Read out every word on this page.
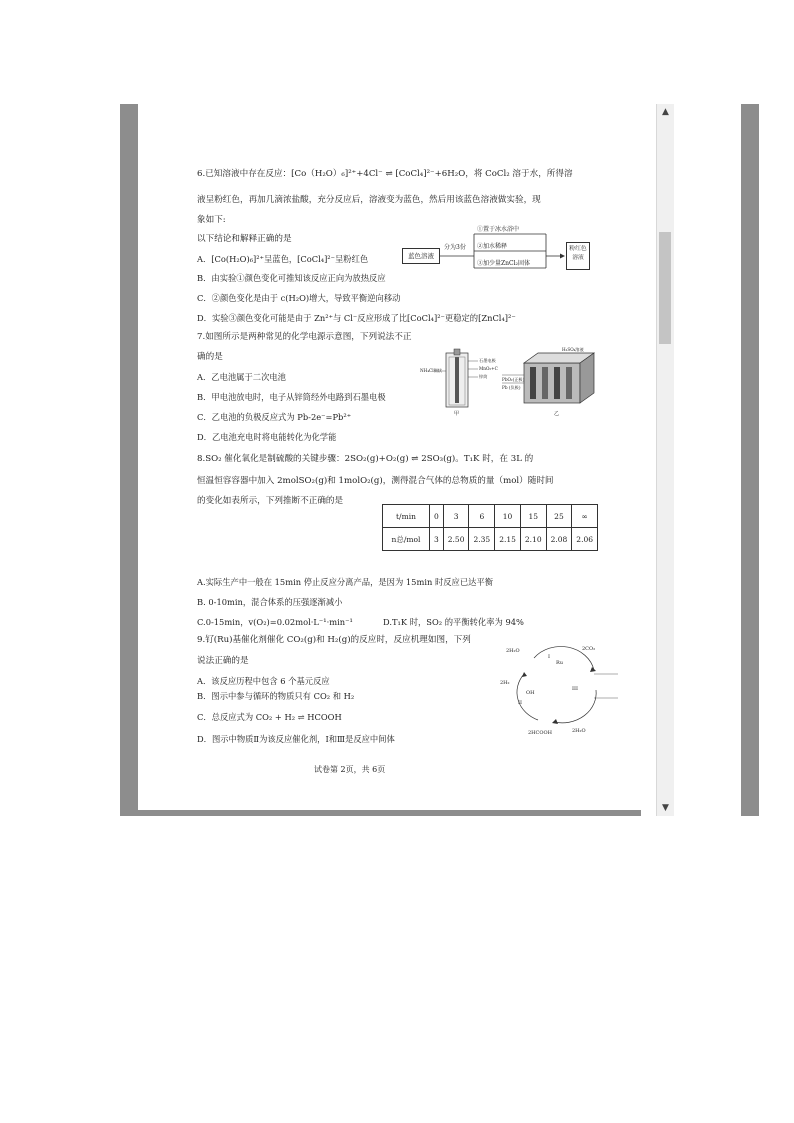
6.已知溶液中存在反应：[Co（H₂O）₆]²⁺+4Cl⁻ ⇌ [CoCl₄]²⁻+6H₂O，将 CoCl₂ 溶于水，所得溶
液呈粉红色，再加几滴浓盐酸，充分反应后，溶液变为蓝色，然后用该蓝色溶液做实验，现
象如下:
以下结论和解释正确的是
A．[Co(H₂O)₆]²⁺呈蓝色，[CoCl₄]²⁻呈粉红色
B．由实验①颜色变化可推知该反应正向为放热反应
C．②颜色变化是由于 c(H₂O)增大，导致平衡逆向移动
D．实验③颜色变化可能是由于 Zn²⁺与 Cl⁻反应形成了比[CoCl₄]²⁻更稳定的[ZnCl₄]²⁻
蓝色溶液
分为3份
①置于冰水浴中
②加水稀释
③加少量ZnCl₂固体
粉红色溶液
7.如图所示是两种常见的化学电源示意图，下列说法不正
确的是
A．乙电池属于二次电池
B．甲电池放电时，电子从锌筒经外电路到石墨电极
C．乙电池的负极反应式为 Pb-2e⁻=Pb²⁺
D．乙电池充电时将电能转化为化学能
NH₄Cl糊状
石墨电极
MnO₂+C
锌筒
H₂SO₄溶液
PbO₂(正极)
Pb (负极)
甲	乙
8.SO₂ 催化氧化是制硫酸的关键步骤：2SO₂(g)+O₂(g) ⇌ 2SO₃(g)。T₁K 时，在 3L 的
恒温恒容容器中加入 2molSO₂(g)和 1molO₂(g)，测得混合气体的总物质的量（mol）随时间
的变化如表所示，下列推断不正确的是
t/min	0	3	6	10	15	25	∞
n总/mol	3	2.50	2.35	2.15	2.10	2.08	2.06
A.实际生产中一般在 15min 停止反应分离产品，是因为 15min 时反应已达平衡
B. 0-10min，混合体系的压强逐渐减小
C.0-15min，v(O₂)=0.02mol·L⁻¹·min⁻¹	D.T₁K 时，SO₂ 的平衡转化率为 94%
9.钌(Ru)基催化剂催化 CO₂(g)和 H₂(g)的反应时，反应机理如图，下列
说法正确的是
A．该反应历程中包含 6 个基元反应
B．图示中参与循环的物质只有 CO₂ 和 H₂
C．总反应式为 CO₂ + H₂ ⇌ HCOOH
D．图示中物质Ⅱ为该反应催化剂，Ⅰ和Ⅲ是反应中间体
2H₂O	2CO₂
2H₂
2HCOOH	2H₂O
I
II
III
Ru
OH
试卷第 2页，共 6页
▲
▼
